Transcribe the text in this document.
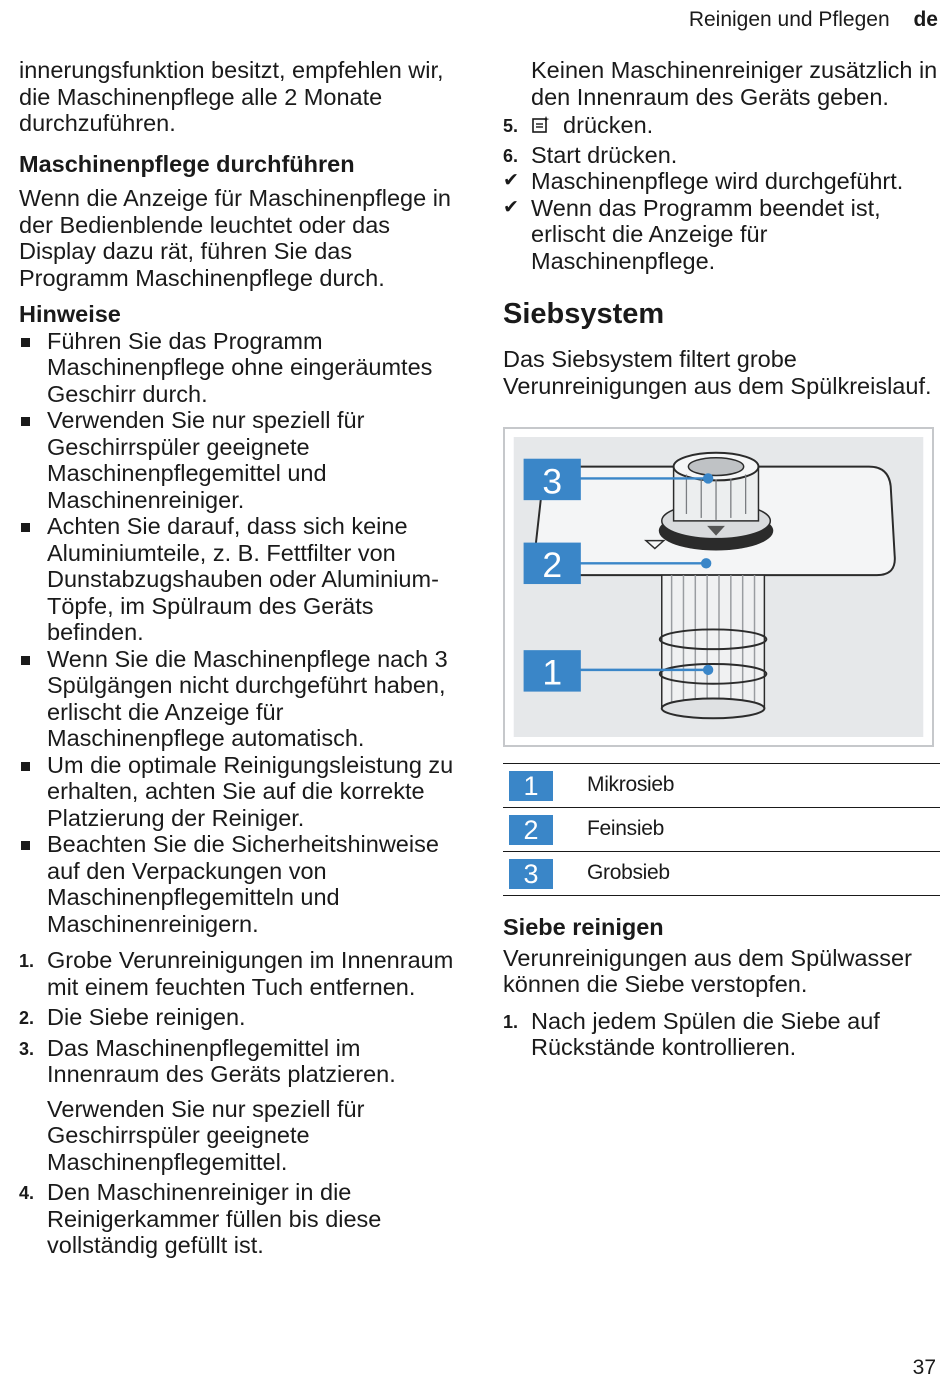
Reinigen und Pflegen de

innerungsfunktion besitzt, empfehlen wir, die Maschinenpflege alle 2 Monate durchzuführen.

Maschinenpflege durchführen

Wenn die Anzeige für Maschinenpflege in der Bedienblende leuchtet oder das Display dazu rät, führen Sie das Programm Maschinenpflege durch.

Hinweise
Führen Sie das Programm Maschinenpflege ohne eingeräumtes Geschirr durch.
Verwenden Sie nur speziell für Geschirrspüler geeignete Maschinenpflegemittel und Maschinenreiniger.
Achten Sie darauf, dass sich keine Aluminiumteile, z. B. Fettfilter von Dunstabzugshauben oder Aluminium-Töpfe, im Spülraum des Geräts befinden.
Wenn Sie die Maschinenpflege nach 3 Spülgängen nicht durchgeführt haben, erlischt die Anzeige für Maschinenpflege automatisch.
Um die optimale Reinigungsleistung zu erhalten, achten Sie auf die korrekte Platzierung der Reiniger.
Beachten Sie die Sicherheitshinweise auf den Verpackungen von Maschinenpflegemitteln und Maschinenreinigern.
1. Grobe Verunreinigungen im Innenraum mit einem feuchten Tuch entfernen.
2. Die Siebe reinigen.
3. Das Maschinenpflegemittel im Innenraum des Geräts platzieren.

Verwenden Sie nur speziell für Geschirrspüler geeignete Maschinenpflegemittel.

4. Den Maschinenreiniger in die Reinigerkammer füllen bis diese vollständig gefüllt ist.

Keinen Maschinenreiniger zusätzlich in den Innenraum des Geräts geben.

5. drücken.
6. Start drücken.
✔ Maschinenpflege wird durchgeführt.
✔ Wenn das Programm beendet ist, erlischt die Anzeige für Maschinenpflege.
Siebsystem

Das Siebsystem filtert grobe Verunreinigungen aus dem Spülkreislauf.

3
2
1
1	Mikrosieb
2	Feinsieb
3	Grobsieb
Siebe reinigen

Verunreinigungen aus dem Spülwasser können die Siebe verstopfen.

1. Nach jedem Spülen die Siebe auf Rückstände kontrollieren.
37
